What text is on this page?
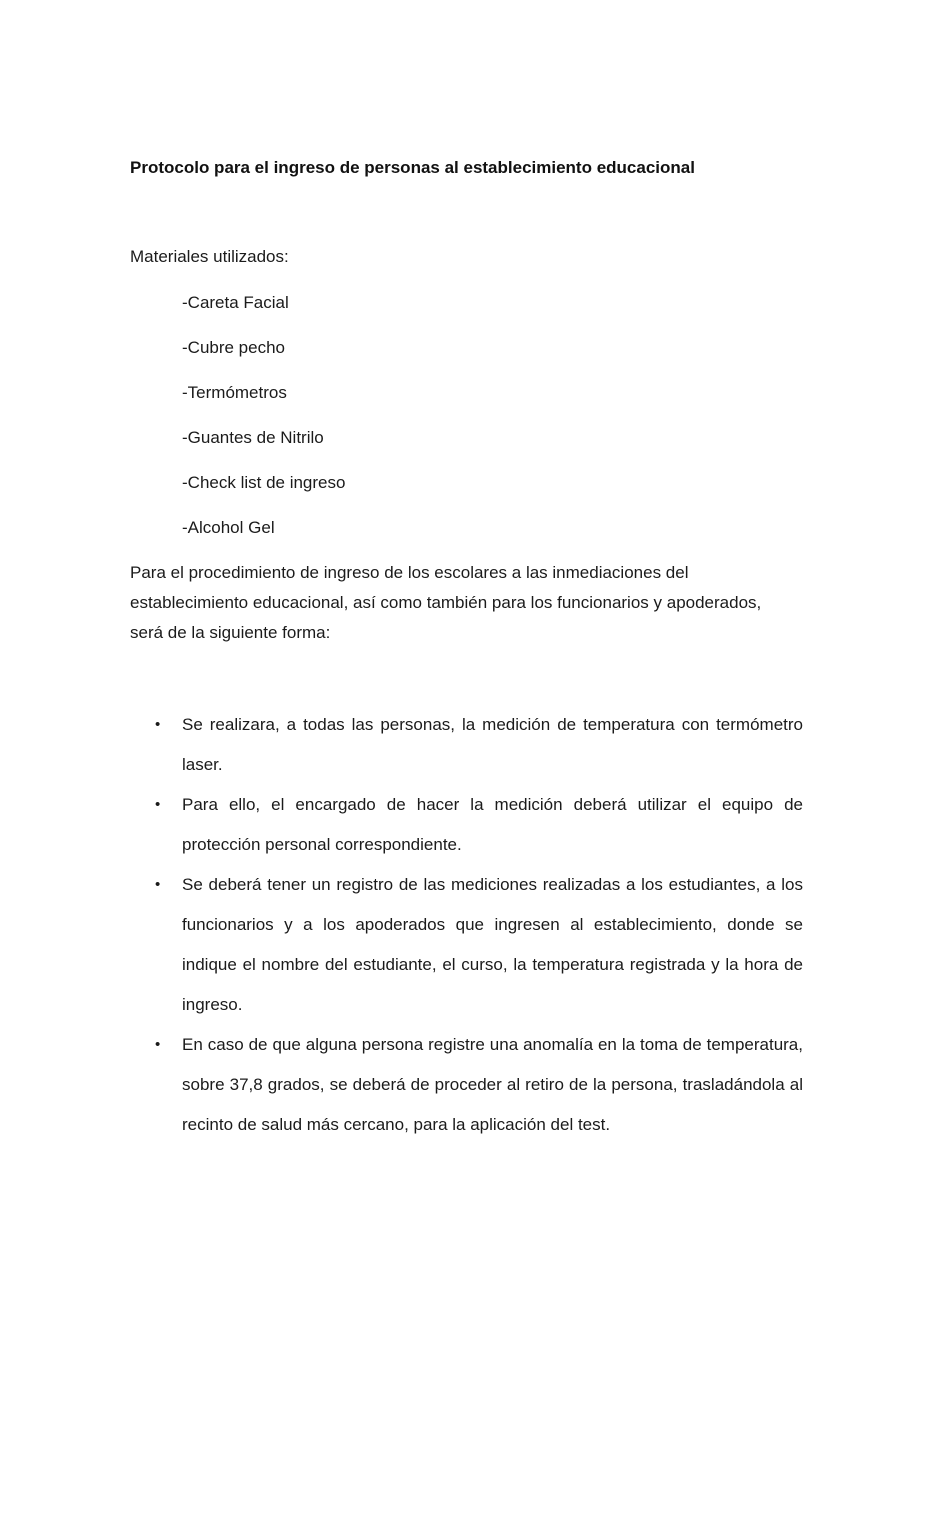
Protocolo para el ingreso de personas al establecimiento educacional

Materiales utilizados:

-Careta Facial
-Cubre pecho
-Termómetros
-Guantes de Nitrilo
-Check list de ingreso
-Alcohol Gel

Para el procedimiento de ingreso de los escolares a las inmediaciones del establecimiento educacional, así como también para los funcionarios y apoderados, será de la siguiente forma:

• Se realizara, a todas las personas, la medición de temperatura con termómetro laser.
• Para ello, el encargado de hacer la medición deberá utilizar el equipo de protección personal correspondiente.
• Se deberá tener un registro de las mediciones realizadas a los estudiantes, a los funcionarios y a los apoderados que ingresen al establecimiento, donde se indique el nombre del estudiante, el curso, la temperatura registrada y la hora de ingreso.
• En caso de que alguna persona registre una anomalía en la toma de temperatura, sobre 37,8 grados, se deberá de proceder al retiro de la persona, trasladándola al recinto de salud más cercano, para la aplicación del test.
